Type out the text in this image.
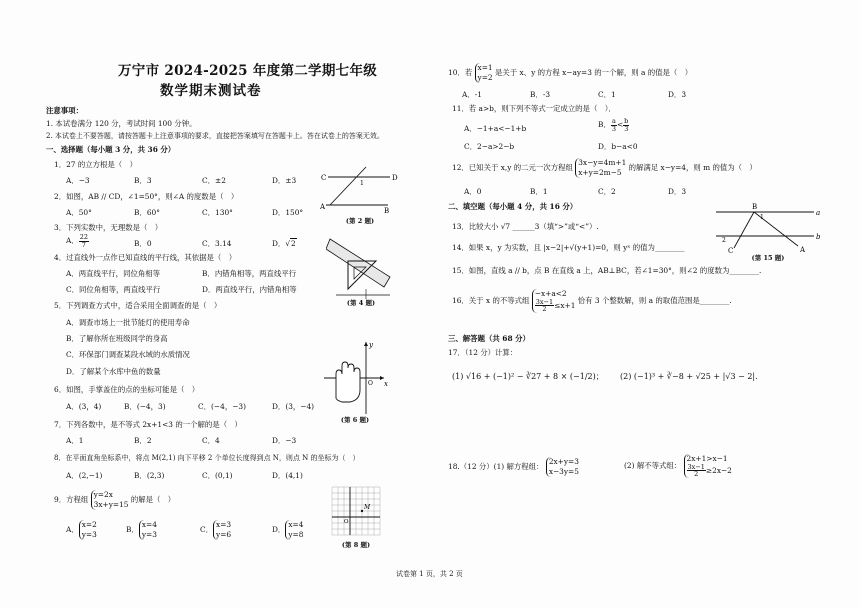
万宁市 2024-2025 年度第二学期七年级
数学期末测试卷
注意事项：
1. 本试卷满分 120 分，考试时间 100 分钟。
2. 本试卷上不要答题，请按答题卡上注意事项的要求，直接把答案填写在答题卡上。答在试卷上的答案无效。
一、选择题（每小题 3 分，共 36 分）
1．27 的立方根是（　）
A．−3	B．3	C．±2	D．±3
2．如图，AB // CD，∠1=50°，则∠A 的度数是（　）
A．50°	B．60°	C．130°	D．150°
3．下列实数中，无理数是（　）
A． $\frac{22}{7}$	B．0	C．3.14	D．√2
4．过直线外一点作已知直线的平行线，其依据是（　）
A．两直线平行，同位角相等	B．内错角相等，两直线平行
C．同位角相等，两直线平行	D．两直线平行，内错角相等
5．下列调查方式中，适合采用全面调查的是（　）
A．调查市场上一批节能灯的使用寿命
B．了解你所在班级同学的身高
C．环保部门调查某段水域的水质情况
D．了解某个水库中鱼的数量
6．如图，手掌盖住的点的坐标可能是（　）
A．(3，4)	B．(−4，3)	C．(−4，−3)	D．(3，−4)
7．下列各数中，是不等式 2x+1<3 的一个解的是（　）
A．1	B．2	C．4	D．−3
8．在平面直角坐标系中，将点 M(2,1) 向下平移 2 个单位长度得到点 N，则点 N 的坐标为（　）
A．(2,−1)	B．(2,3)	C．(0,1)	D．(4,1)
9．方程组 y=2x
3x+y=15 的解是（　）
A．x=2
y=3
B．x=4
y=3
C．x=3
y=6
D．x=4
y=8
C	D
A	B
1
(第 2 题)
(第 4 题)
x
y
O
(第 6 题)
M
O
(第 8 题)
10．若 x=1
y=2 是关于 x、y 的方程 x−ay=3 的一个解，则 a 的值是（　）
A．-1	B．-3	C．1	D．3
11．若 a>b，则下列不等式一定成立的是（　）．
A．−1+a<−1+b	B． $\frac{a}{3} < \frac{b}{3}$
C．2−a>2−b	D．b−a<0
12．已知关于 x,y 的二元一次方程组 3x−y=4m+1
x+y=2m−5 的解满足 x−y=4，则 m 的值为（　）
A．0	B．1	C．2	D．3
二、填空题（每小题 4 分，共 16 分）
13．比较大小 √7 ______3（填“>”或“<”）.
14．如果 x，y 为实数，且 |x−2|+√(y+1)=0，则 yˣ 的值为________
15．如图，直线 a // b，点 B 在直线 a 上，AB⊥BC，若∠1=30°，则∠2 的度数为________.
16．关于 x 的不等式组 −x+a<2

$\frac{3x-1}{2} \le x+1$ 恰有 3 个整数解，则 a 的取值范围是________.
B
a
b
C	A
1
2
(第 15 题)
三、解答题（共 68 分）
17．（12 分）计算：
(1) √16 + (−1)² − ∛27 + 8 × (−1/2)； (2) (−1)³ + ∛−8 + √25 + |√3 − 2|.
18.（12 分）(1) 解方程组： 2x+y=3
x−3y=5
(2) 解不等式组： 2x+1>x−1

$\frac{3x-1}{2} \ge 2x-2$
试卷第 1 页，共 2 页
